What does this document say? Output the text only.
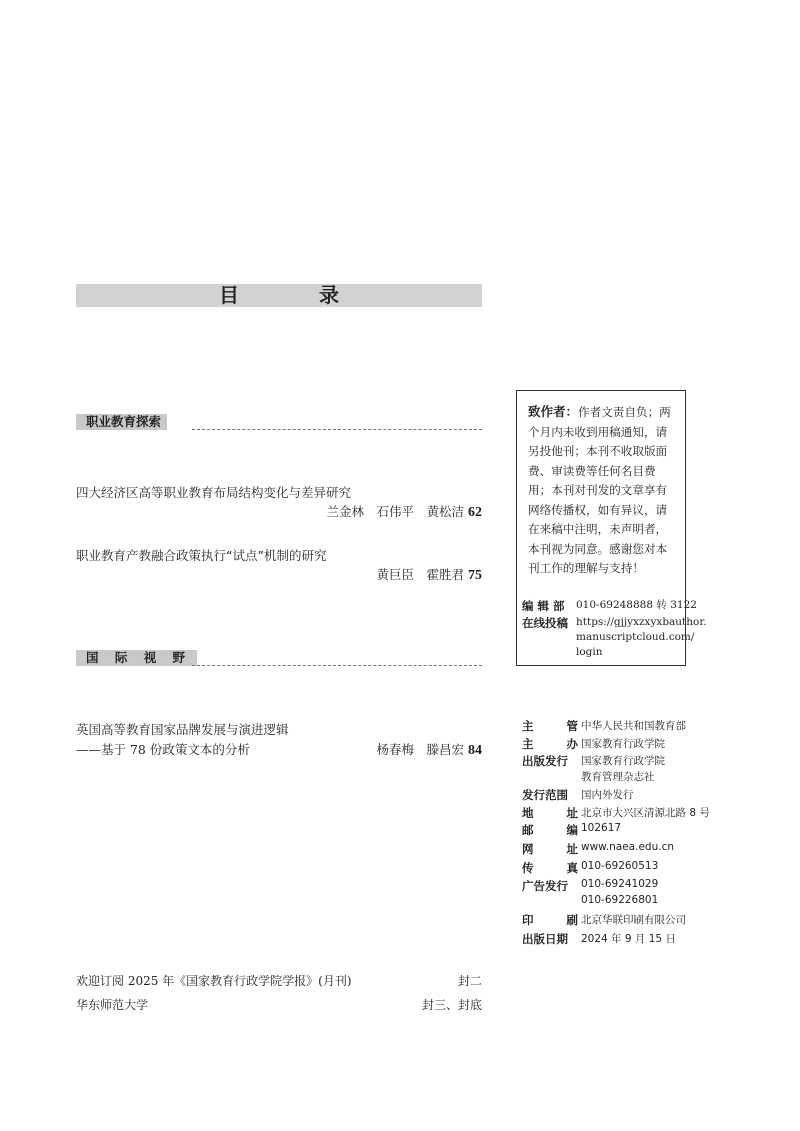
目　录
职业教育探索
四大经济区高等职业教育布局结构变化与差异研究
兰金林　石伟平　黄松洁 62
职业教育产教融合政策执行“试点”机制的研究
黄巨臣　霍胜君 75
国 际 视 野
英国高等教育国家品牌发展与演进逻辑
——基于 78 份政策文本的分析	杨春梅　滕昌宏 84
致作者：作者文责自负；两个月内未收到用稿通知，请另投他刊；本刊不收取版面费、审读费等任何名目费用；本刊对刊发的文章享有网络传播权，如有异议，请在来稿中注明，未声明者，本刊视为同意。感谢您对本刊工作的理解与支持！
编 辑 部 010-69248888 转 3122
在线投稿 https://gjjyxzxyxbauthor.
manuscriptcloud.com/
login
主	管 中华人民共和国教育部
主	办 国家教育行政学院
出版发行	国家教育行政学院
教育管理杂志社
发行范围	国内外发行
地	址 北京市大兴区清源北路 8 号
邮	编 102617
网	址 www.naea.edu.cn
传	真 010-69260513
广告发行	010-69241029
010-69226801
印	刷 北京华联印刷有限公司
出版日期	2024 年 9 月 15 日
欢迎订阅 2025 年《国家教育行政学院学报》(月刊)	封二
华东师范大学	封三、封底
